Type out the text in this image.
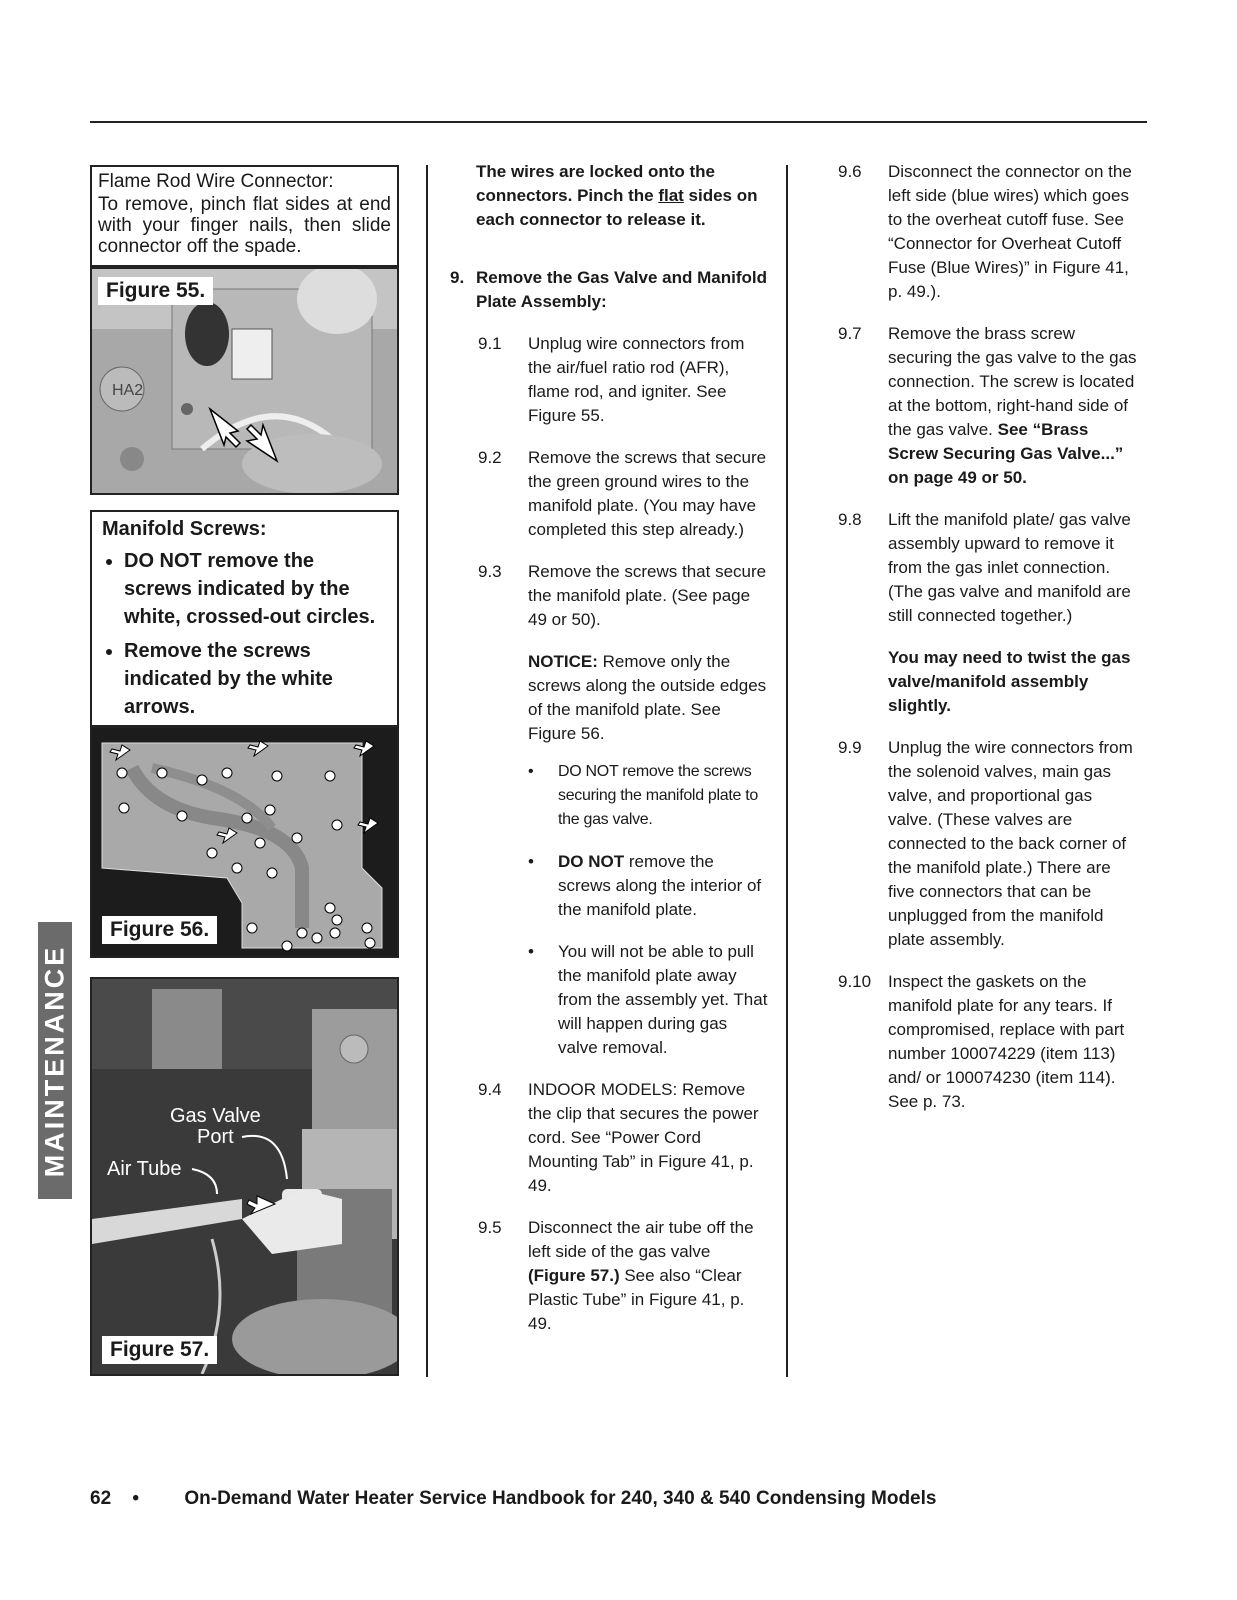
Flame Rod Wire Connector:
To remove, pinch flat sides at end with your finger nails, then slide connector off the spade.
HA2
Figure 55.
Manifold Screws:
• DO NOT remove the screws indicated by the white, crossed-out circles.
• Remove the screws indicated by the white arrows.
Figure 56.
Gas Valve
Port
Air Tube
Figure 57.
MAINTENANCE
The wires are locked onto the connectors. Pinch the flat sides on each connector to release it.
9. Remove the Gas Valve and Manifold Plate Assembly:
9.1 Unplug wire connectors from the air/fuel ratio rod (AFR), flame rod, and igniter. See Figure 55.
9.2 Remove the screws that secure the green ground wires to the manifold plate. (You may have completed this step already.)
9.3 Remove the screws that secure the manifold plate. (See page 49 or 50).
NOTICE: Remove only the screws along the outside edges of the manifold plate. See Figure 56.
• DO NOT remove the screws securing the manifold plate to the gas valve.
• DO NOT remove the screws along the interior of the manifold plate.
• You will not be able to pull the manifold plate away from the assembly yet. That will happen during gas valve removal.
9.4 INDOOR MODELS: Remove the clip that secures the power cord. See “Power Cord Mounting Tab” in Figure 41, p. 49.
9.5 Disconnect the air tube off the left side of the gas valve (Figure 57.) See also “Clear Plastic Tube” in Figure 41, p. 49.
9.6 Disconnect the connector on the left side (blue wires) which goes to the overheat cutoff fuse. See “Connector for Overheat Cutoff Fuse (Blue Wires)” in Figure 41, p. 49.).
9.7 Remove the brass screw securing the gas valve to the gas connection. The screw is located at the bottom, right-hand side of the gas valve. See “Brass Screw Securing Gas Valve...” on page 49 or 50.
9.8 Lift the manifold plate/ gas valve assembly upward to remove it from the gas inlet connection. (The gas valve and manifold are still connected together.)
You may need to twist the gas valve/manifold assembly slightly.
9.9 Unplug the wire connectors from the solenoid valves, main gas valve, and proportional gas valve. (These valves are connected to the back corner of the manifold plate.) There are five connectors that can be unplugged from the manifold plate assembly.
9.10 Inspect the gaskets on the manifold plate for any tears. If compromised, replace with part number 100074229 (item 113) and/ or 100074230 (item 114). See p. 73.
62 • On-Demand Water Heater Service Handbook for 240, 340 & 540 Condensing Models
